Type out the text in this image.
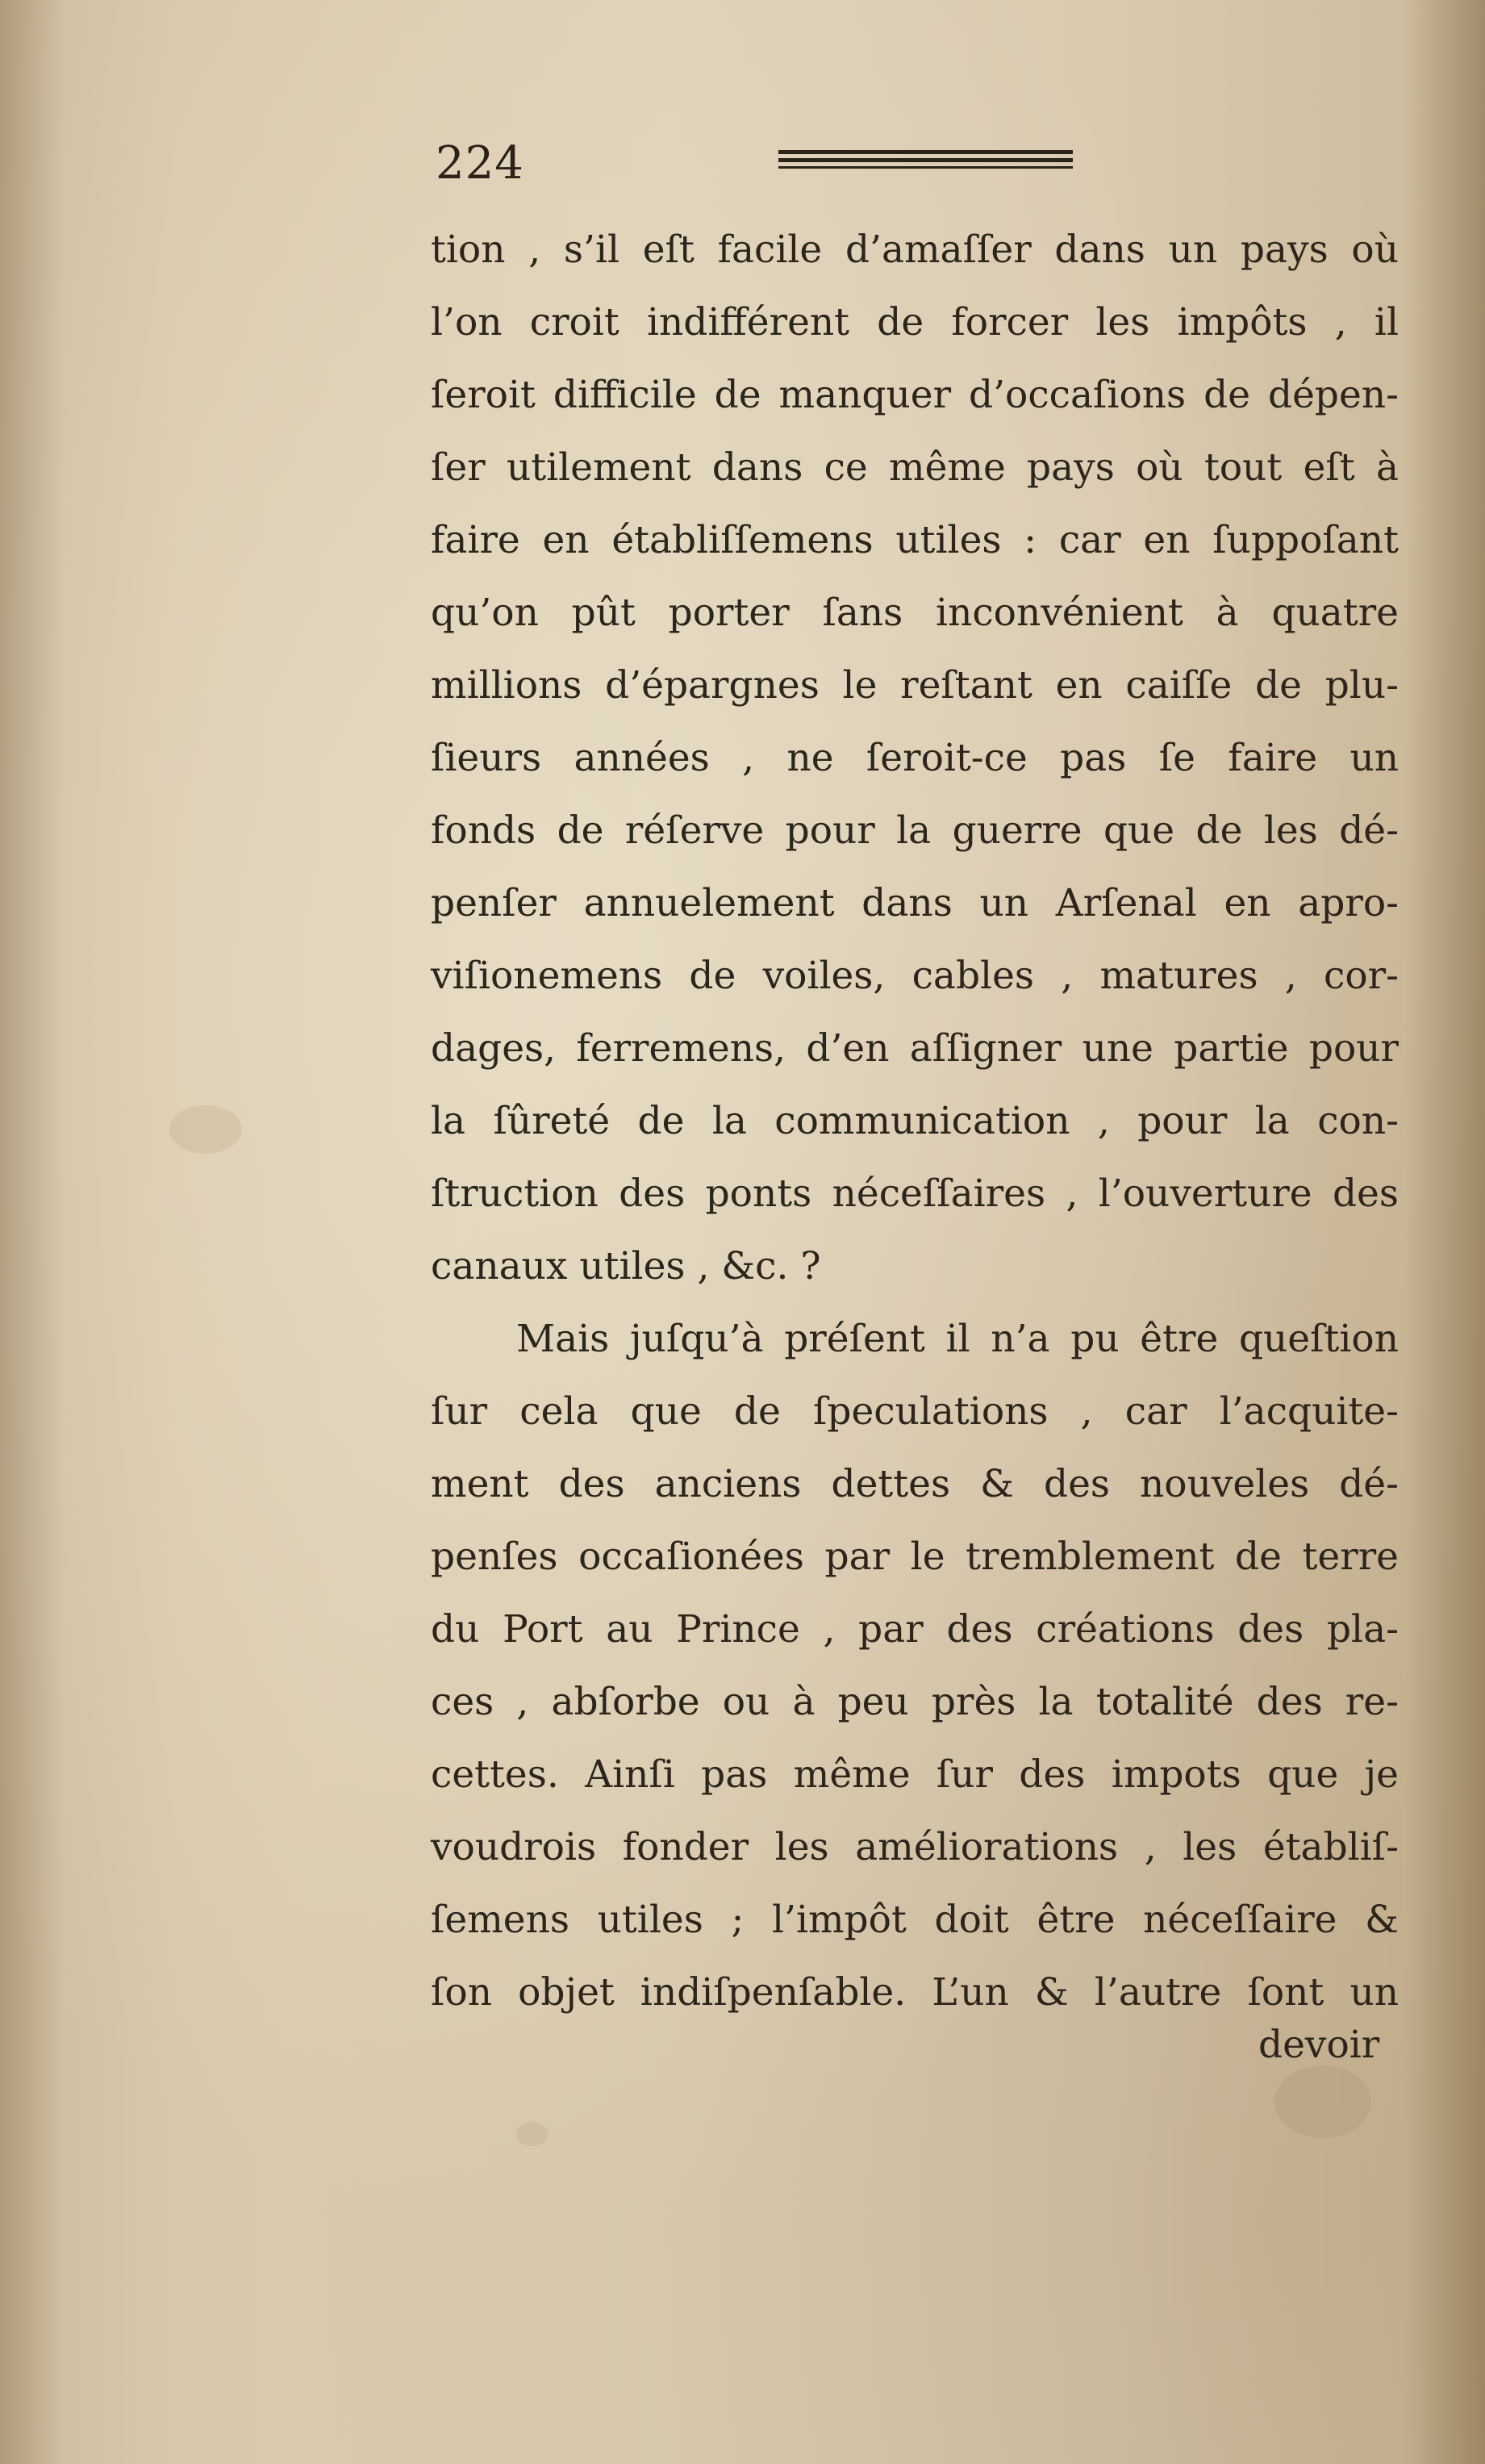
224
tion , s’il eſt facile d’amaſſer dans un pays où
l’on croit indifférent de forcer les impôts , il
ſeroit difficile de manquer d’occaſions de dépen-
ſer utilement dans ce même pays où tout eſt à
faire en établiſſemens utiles : car en ſuppoſant
qu’on pût porter ſans inconvénient à quatre
millions d’épargnes le reſtant en caiſſe de plu-
ſieurs années , ne ſeroit-ce pas ſe faire un
fonds de réſerve pour la guerre que de les dé-
penſer annuelement dans un Arſenal en apro-
viſionemens de voiles, cables , matures , cor-
dages, ferremens, d’en aſſigner une partie pour
la ſûreté de la communication , pour la con-
ſtruction des ponts néceſſaires , l’ouverture des
canaux utiles , &c. ?
Mais juſqu’à préſent il n’a pu être queſtion
ſur cela que de ſpeculations , car l’acquite-
ment des anciens dettes & des nouveles dé-
penſes occaſionées par le tremblement de terre
du Port au Prince , par des créations des pla-
ces , abſorbe ou à peu près la totalité des re-
cettes. Ainſi pas même ſur des impots que je
voudrois fonder les améliorations , les établiſ-
ſemens utiles ; l’impôt doit être néceſſaire &
ſon objet indiſpenſable. L’un & l’autre ſont un
devoir
